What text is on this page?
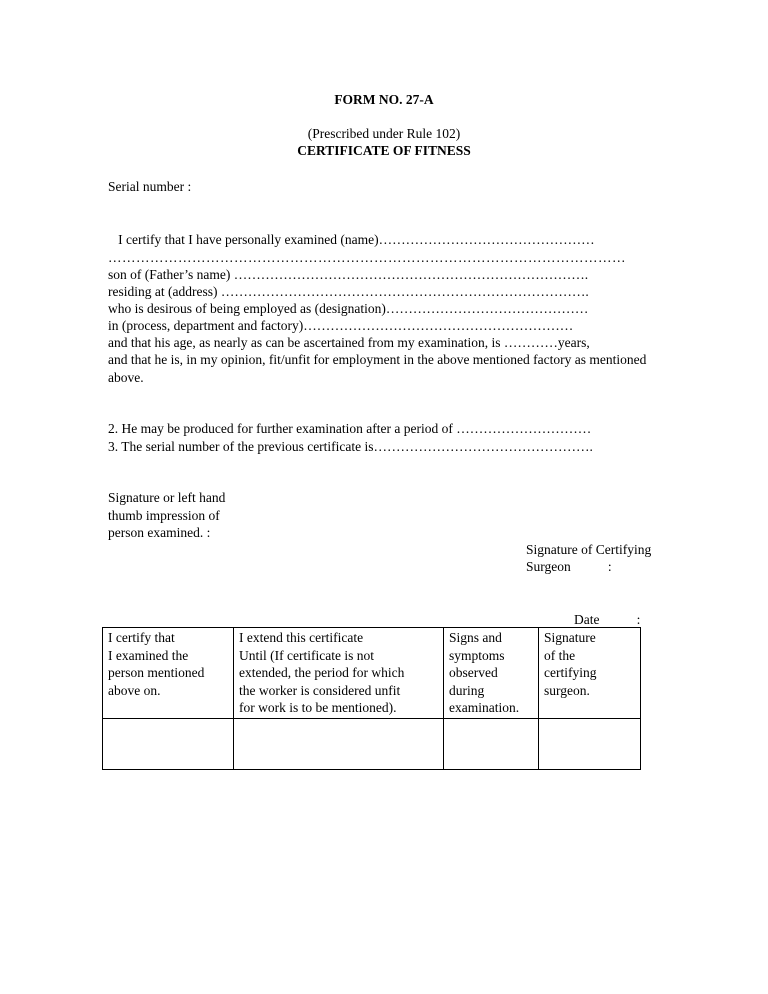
FORM NO. 27-A
(Prescribed under Rule 102)
CERTIFICATE OF FITNESS
Serial number :
I certify that I have personally examined (name)…………………………………………
…………………………………………………………………………………………………
son of (Father’s name) …………………………………………………………………….
residing at (address) ……………………………………………………………………….
who is desirous of being employed as (designation)………………………………………
in (process, department and factory)……………………………………………………
and that his age, as nearly as can be ascertained from my examination, is …………years,
and that he is, in my opinion, fit/unfit for employment in the above mentioned factory as mentioned
above.
2. He may be produced for further examination after a period of …………………………
3. The serial number of the previous certificate is………………………………………….
Signature or left hand
thumb impression of
person examined. :
Signature of Certifying
Surgeon           :
Date           :
I certify that
I examined the
person mentioned
above on.	I extend this certificate
Until (If certificate is not
extended, the period for which
the worker is considered unfit
for work is to be mentioned).	Signs and
symptoms
observed
during
examination.	Signature
of the
certifying
surgeon.
